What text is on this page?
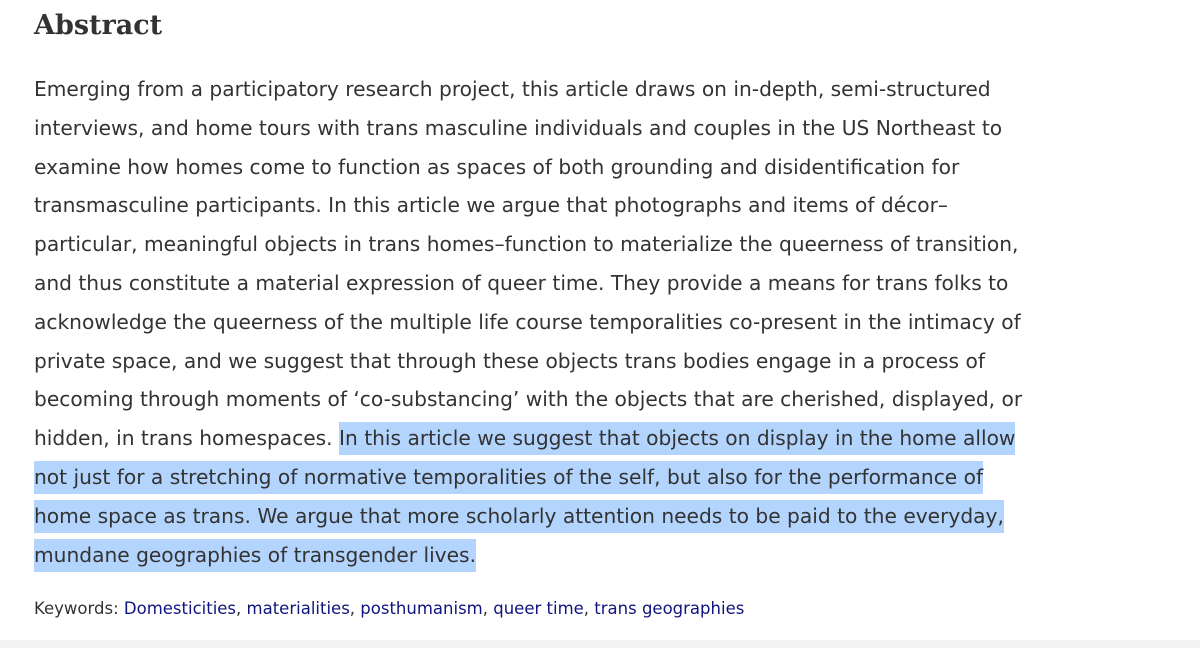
Abstract
Emerging from a participatory research project, this article draws on in-depth, semi-structured
interviews, and home tours with trans masculine individuals and couples in the US Northeast to
examine how homes come to function as spaces of both grounding and disidentification for
transmasculine participants. In this article we argue that photographs and items of décor–
particular, meaningful objects in trans homes–function to materialize the queerness of transition,
and thus constitute a material expression of queer time. They provide a means for trans folks to
acknowledge the queerness of the multiple life course temporalities co-present in the intimacy of
private space, and we suggest that through these objects trans bodies engage in a process of
becoming through moments of ‘co-substancing’ with the objects that are cherished, displayed, or
hidden, in trans homespaces. In this article we suggest that objects on display in the home allow
not just for a stretching of normative temporalities of the self, but also for the performance of
home space as trans. We argue that more scholarly attention needs to be paid to the everyday,
mundane geographies of transgender lives.

Keywords: Domesticities, materialities, posthumanism, queer time, trans geographies
